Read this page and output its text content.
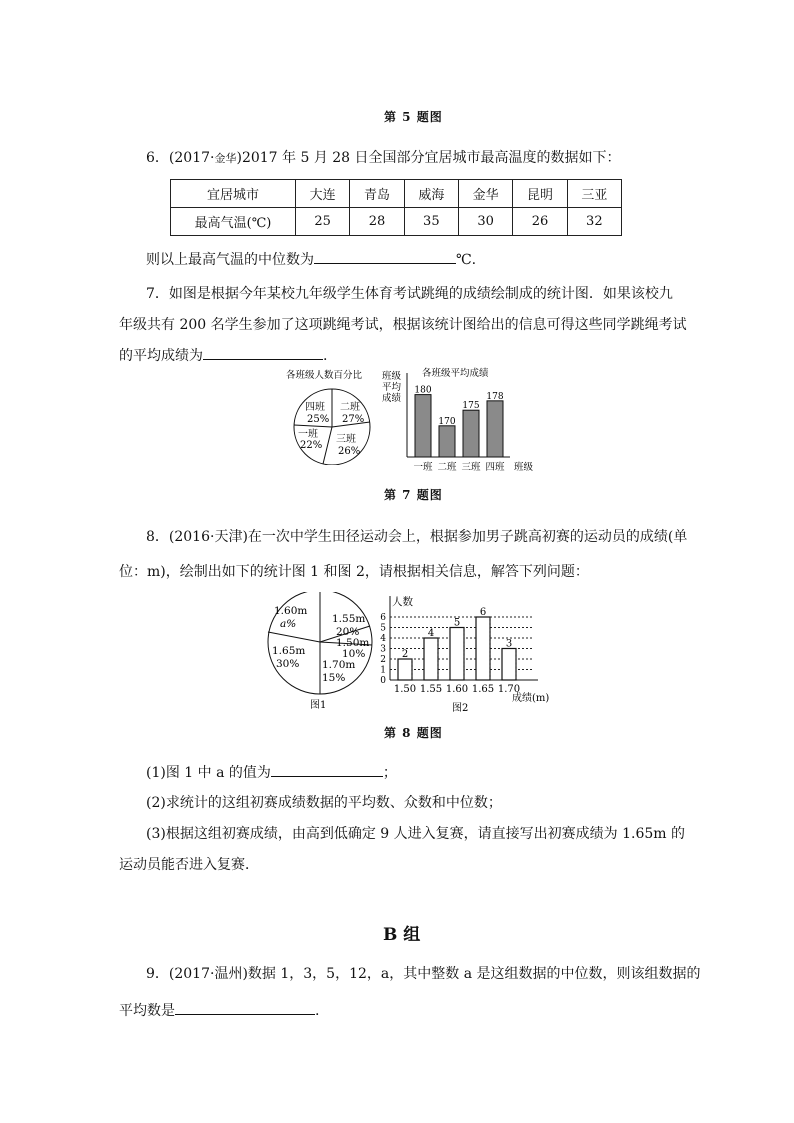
第 5 题图
6．(2017·金华)2017 年 5 月 28 日全国部分宜居城市最高温度的数据如下：
宜居城市	大连	青岛	威海	金华	昆明	三亚
最高气温(℃)	25	28	35	30	26	32
则以上最高气温的中位数为	℃.
7．如图是根据今年某校九年级学生体育考试跳绳的成绩绘制成的统计图．如果该校九
年级共有 200 名学生参加了这项跳绳考试，根据该统计图给出的信息可得这些同学跳绳考试
的平均成绩为	.
各班级人数百分比
四班
25%
二班
27%
一班
22%
三班
26%
班级
平均
成绩
各班级平均成绩
180
一班
170
二班
175
三班
178
四班 班级
第 7 题图
8．(2016·天津)在一次中学生田径运动会上，根据参加男子跳高初赛的运动员的成绩(单
位：m)，绘制出如下的统计图 1 和图 2，请根据相关信息，解答下列问题：
1.60m
a%	1.55m
20%
1.50m
10%
1.70m
15%
1.65m
30%
图1
人数
0
1
2
3
4
5
6
2
1.50
4
1.55
5
1.60
6
1.65
3
1.70
成绩(m)
图2
第 8 题图
(1)图 1 中 a 的值为	；
(2)求统计的这组初赛成绩数据的平均数、众数和中位数；
(3)根据这组初赛成绩，由高到低确定 9 人进入复赛，请直接写出初赛成绩为 1.65m 的
运动员能否进入复赛．
B 组
9．(2017·温州)数据 1，3，5，12，a，其中整数 a 是这组数据的中位数，则该组数据的
平均数是	.
